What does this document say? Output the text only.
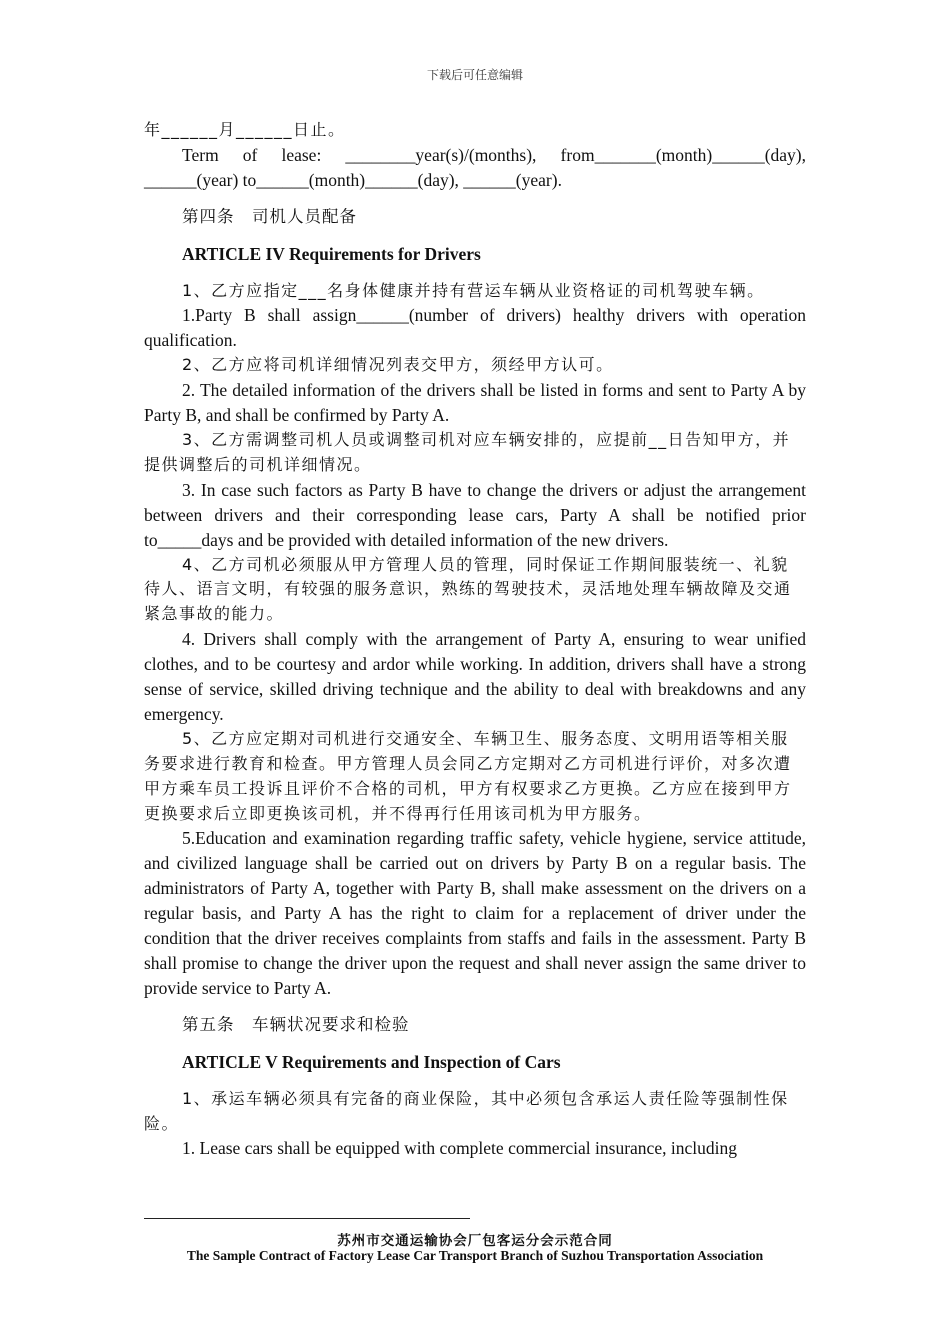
下载后可任意编辑

年______月______日止。

Term of lease: ________year(s)/(months), from_______(month)______(day), ______(year) to______(month)______(day), ______(year).

第四条　司机人员配备

ARTICLE IV Requirements for Drivers

1、乙方应指定___名身体健康并持有营运车辆从业资格证的司机驾驶车辆。

1.Party B shall assign______(number of drivers) healthy drivers with operation qualification.

2、乙方应将司机详细情况列表交甲方，须经甲方认可。

2. The detailed information of the drivers shall be listed in forms and sent to Party A by Party B, and shall be confirmed by Party A.

3、乙方需调整司机人员或调整司机对应车辆安排的，应提前__日告知甲方，并提供调整后的司机详细情况。

3. In case such factors as Party B have to change the drivers or adjust the arrangement between drivers and their corresponding lease cars, Party A shall be notified prior to_____days and be provided with detailed information of the new drivers.

4、乙方司机必须服从甲方管理人员的管理，同时保证工作期间服装统一、礼貌待人、语言文明，有较强的服务意识，熟练的驾驶技术，灵活地处理车辆故障及交通紧急事故的能力。

4. Drivers shall comply with the arrangement of Party A, ensuring to wear unified clothes, and to be courtesy and ardor while working. In addition, drivers shall have a strong sense of service, skilled driving technique and the ability to deal with breakdowns and any emergency.

5、乙方应定期对司机进行交通安全、车辆卫生、服务态度、文明用语等相关服务要求进行教育和检查。甲方管理人员会同乙方定期对乙方司机进行评价，对多次遭甲方乘车员工投诉且评价不合格的司机，甲方有权要求乙方更换。乙方应在接到甲方更换要求后立即更换该司机，并不得再行任用该司机为甲方服务。

5.Education and examination regarding traffic safety, vehicle hygiene, service attitude, and civilized language shall be carried out on drivers by Party B on a regular basis. The administrators of Party A, together with Party B, shall make assessment on the drivers on a regular basis, and Party A has the right to claim for a replacement of driver under the condition that the driver receives complaints from staffs and fails in the assessment. Party B shall promise to change the driver upon the request and shall never assign the same driver to provide service to Party A.

第五条　车辆状况要求和检验

ARTICLE V Requirements and Inspection of Cars

1、承运车辆必须具有完备的商业保险，其中必须包含承运人责任险等强制性保险。

1. Lease cars shall be equipped with complete commercial insurance, including

苏州市交通运输协会厂包客运分会示范合同
The Sample Contract of Factory Lease Car Transport Branch of Suzhou Transportation Association
